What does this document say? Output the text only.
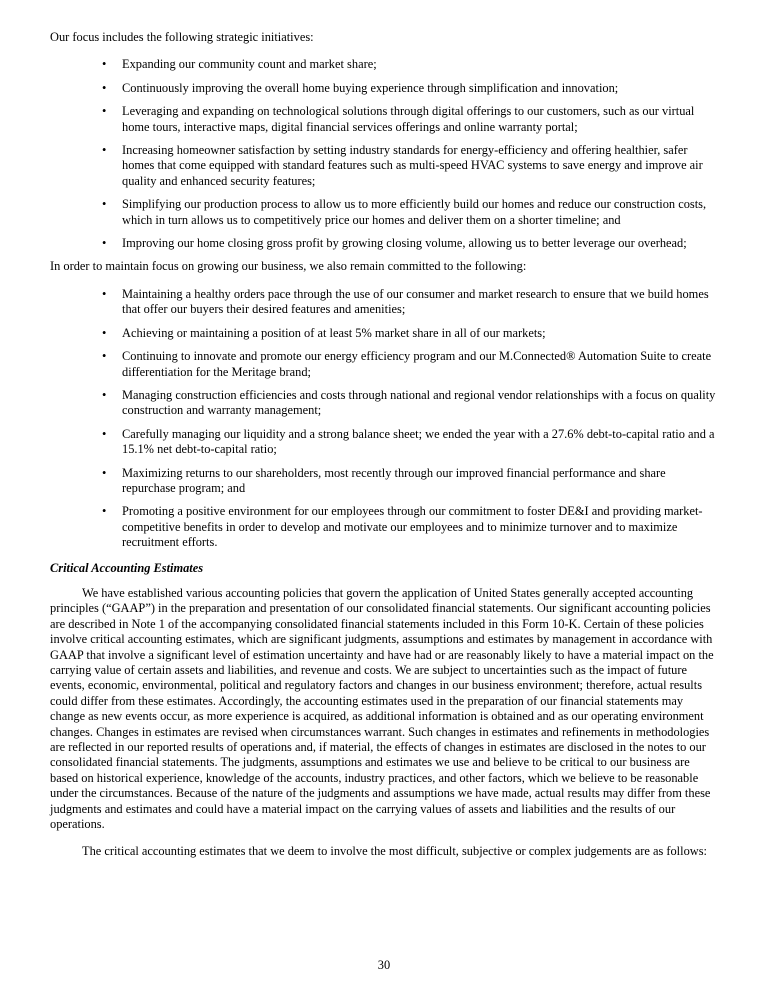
Our focus includes the following strategic initiatives:

•	Expanding our community count and market share;
•	Continuously improving the overall home buying experience through simplification and innovation;
•	Leveraging and expanding on technological solutions through digital offerings to our customers, such as our virtual home tours, interactive maps, digital financial services offerings and online warranty portal;
•	Increasing homeowner satisfaction by setting industry standards for energy-efficiency and offering healthier, safer homes that come equipped with standard features such as multi-speed HVAC systems to save energy and improve air quality and enhanced security features;
•	Simplifying our production process to allow us to more efficiently build our homes and reduce our construction costs, which in turn allows us to competitively price our homes and deliver them on a shorter timeline; and
•	Improving our home closing gross profit by growing closing volume, allowing us to better leverage our overhead;

In order to maintain focus on growing our business, we also remain committed to the following:

•	Maintaining a healthy orders pace through the use of our consumer and market research to ensure that we build homes that offer our buyers their desired features and amenities;
•	Achieving or maintaining a position of at least 5% market share in all of our markets;
•	Continuing to innovate and promote our energy efficiency program and our M.Connected® Automation Suite to create differentiation for the Meritage brand;
•	Managing construction efficiencies and costs through national and regional vendor relationships with a focus on quality construction and warranty management;
•	Carefully managing our liquidity and a strong balance sheet; we ended the year with a 27.6% debt-to-capital ratio and a 15.1% net debt-to-capital ratio;
•	Maximizing returns to our shareholders, most recently through our improved financial performance and share repurchase program; and
•	Promoting a positive environment for our employees through our commitment to foster DE&I and providing market-competitive benefits in order to develop and motivate our employees and to minimize turnover and to maximize recruitment efforts.
Critical Accounting Estimates

We have established various accounting policies that govern the application of United States generally accepted accounting principles (“GAAP”) in the preparation and presentation of our consolidated financial statements. Our significant accounting policies are described in Note 1 of the accompanying consolidated financial statements included in this Form 10-K. Certain of these policies involve critical accounting estimates, which are significant judgments, assumptions and estimates by management in accordance with GAAP that involve a significant level of estimation uncertainty and have had or are reasonably likely to have a material impact on the carrying value of certain assets and liabilities, and revenue and costs. We are subject to uncertainties such as the impact of future events, economic, environmental, political and regulatory factors and changes in our business environment; therefore, actual results could differ from these estimates. Accordingly, the accounting estimates used in the preparation of our financial statements may change as new events occur, as more experience is acquired, as additional information is obtained and as our operating environment changes. Changes in estimates are revised when circumstances warrant. Such changes in estimates and refinements in methodologies are reflected in our reported results of operations and, if material, the effects of changes in estimates are disclosed in the notes to our consolidated financial statements. The judgments, assumptions and estimates we use and believe to be critical to our business are based on historical experience, knowledge of the accounts, industry practices, and other factors, which we believe to be reasonable under the circumstances. Because of the nature of the judgments and assumptions we have made, actual results may differ from these judgments and estimates and could have a material impact on the carrying values of assets and liabilities and the results of our operations.

The critical accounting estimates that we deem to involve the most difficult, subjective or complex judgements are as follows:

30
